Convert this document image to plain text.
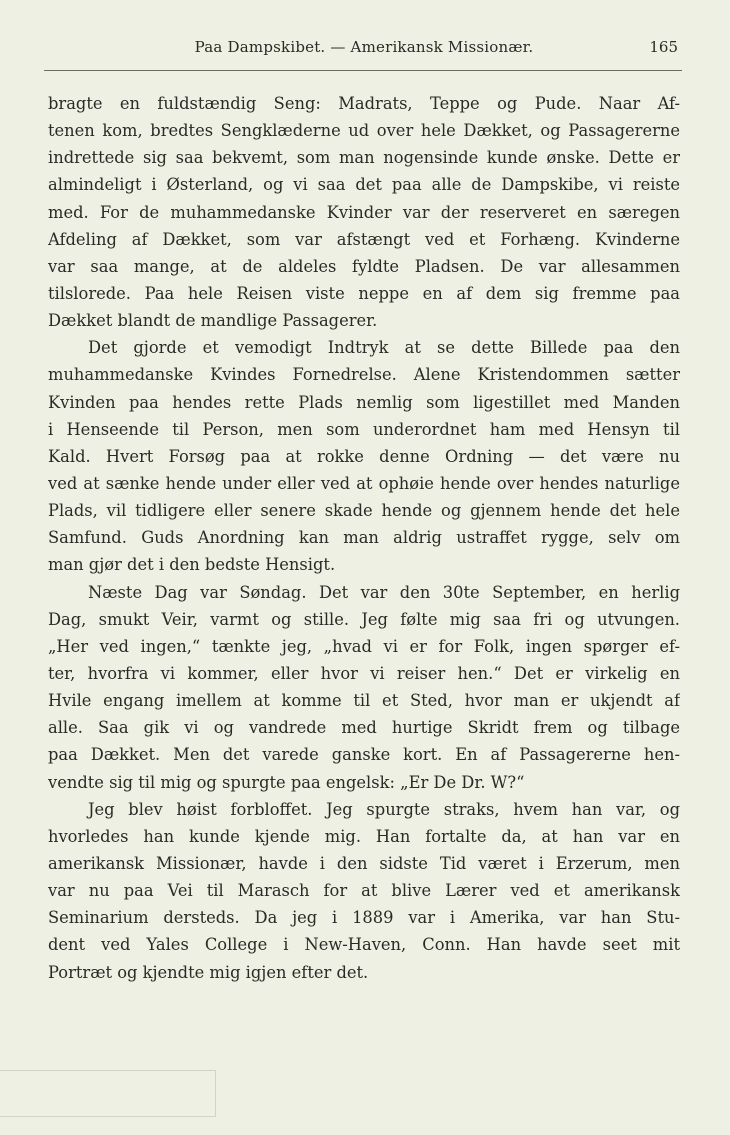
Paa Dampskibet. — Amerikansk Missionær.	165
bragte en fuldstændig Seng: Madrats, Teppe og Pude. Naar Af-
tenen kom, bredtes Sengklæderne ud over hele Dækket, og Passagererne
indrettede sig saa bekvemt, som man nogensinde kunde ønske. Dette er
almindeligt i Østerland, og vi saa det paa alle de Dampskibe, vi reiste
med. For de muhammedanske Kvinder var der reserveret en særegen
Afdeling af Dækket, som var afstængt ved et Forhæng. Kvinderne
var saa mange, at de aldeles fyldte Pladsen. De var allesammen
tilslorede. Paa hele Reisen viste neppe en af dem sig fremme paa
Dækket blandt de mandlige Passagerer.
Det gjorde et vemodigt Indtryk at se dette Billede paa den
muhammedanske Kvindes Fornedrelse. Alene Kristendommen sætter
Kvinden paa hendes rette Plads nemlig som ligestillet med Manden
i Henseende til Person, men som underordnet ham med Hensyn til
Kald. Hvert Forsøg paa at rokke denne Ordning — det være nu
ved at sænke hende under eller ved at ophøie hende over hendes naturlige
Plads, vil tidligere eller senere skade hende og gjennem hende det hele
Samfund. Guds Anordning kan man aldrig ustraffet rygge, selv om
man gjør det i den bedste Hensigt.
Næste Dag var Søndag. Det var den 30te September, en herlig
Dag, smukt Veir, varmt og stille. Jeg følte mig saa fri og utvungen.
„Her ved ingen,“ tænkte jeg, „hvad vi er for Folk, ingen spørger ef-
ter, hvorfra vi kommer, eller hvor vi reiser hen.“ Det er virkelig en
Hvile engang imellem at komme til et Sted, hvor man er ukjendt af
alle. Saa gik vi og vandrede med hurtige Skridt frem og tilbage
paa Dækket. Men det varede ganske kort. En af Passagererne hen-
vendte sig til mig og spurgte paa engelsk: „Er De Dr. W?“
Jeg blev høist forbloffet. Jeg spurgte straks, hvem han var, og
hvorledes han kunde kjende mig. Han fortalte da, at han var en
amerikansk Missionær, havde i den sidste Tid været i Erzerum, men
var nu paa Vei til Marasch for at blive Lærer ved et amerikansk
Seminarium dersteds. Da jeg i 1889 var i Amerika, var han Stu-
dent ved Yales College i New-Haven, Conn. Han havde seet mit
Portræt og kjendte mig igjen efter det.
